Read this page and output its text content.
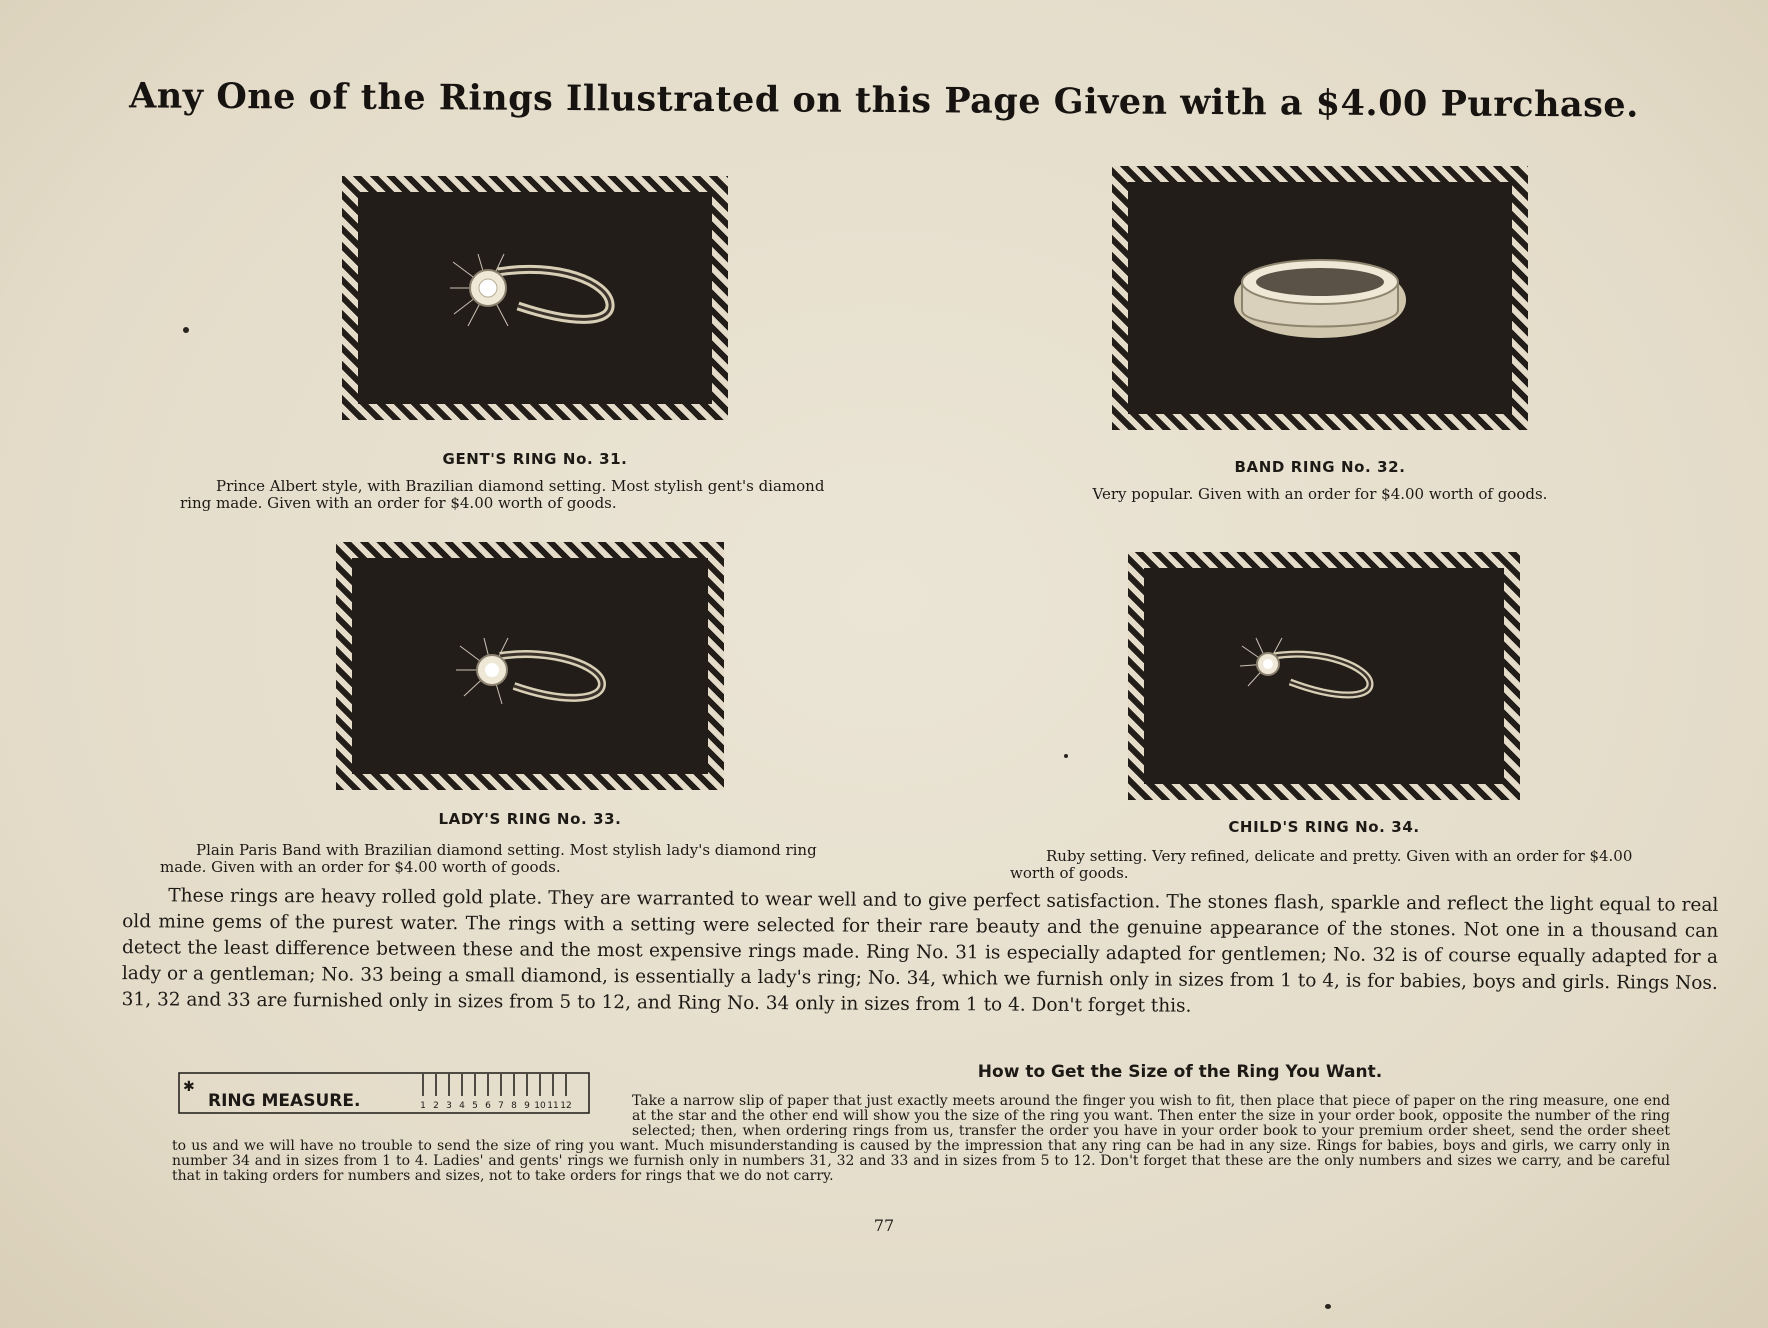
Any One of the Rings Illustrated on this Page Given with a $4.00 Purchase.
GENT'S RING No. 31.
Prince Albert style, with Brazilian diamond setting. Most stylish gent's diamond ring made. Given with an order for $4.00 worth of goods.
BAND RING No. 32.
Very popular. Given with an order for $4.00 worth of goods.
LADY'S RING No. 33.
Plain Paris Band with Brazilian diamond setting. Most stylish lady's diamond ring made. Given with an order for $4.00 worth of goods.
CHILD'S RING No. 34.
Ruby setting. Very refined, delicate and pretty. Given with an order for $4.00 worth of goods.
These rings are heavy rolled gold plate. They are warranted to wear well and to give perfect satisfaction. The stones flash, sparkle and reflect the light equal to real old mine gems of the purest water. The rings with a setting were selected for their rare beauty and the genuine appearance of the stones. Not one in a thousand can detect the least difference between these and the most expensive rings made. Ring No. 31 is especially adapted for gentlemen; No. 32 is of course equally adapted for a lady or a gentleman; No. 33 being a small diamond, is essentially a lady's ring; No. 34, which we furnish only in sizes from 1 to 4, is for babies, boys and girls. Rings Nos. 31, 32 and 33 are furnished only in sizes from 5 to 12, and Ring No. 34 only in sizes from 1 to 4. Don't forget this.
How to Get the Size of the Ring You Want.
✱
RING MEASURE.	1 2 3 4 5 6 7 8 9 10 11 12	Take a narrow slip of paper that just exactly meets around the finger you wish to fit, then place that piece of paper on the ring measure, one end at the star and the other end will show you the size of the ring you want. Then enter the size in your order book, opposite the number of the ring selected; then, when ordering rings from us, transfer the order you have in your order book to your premium order sheet, send the order sheet to us and we will have no trouble to send the size of ring you want. Much misunderstanding is caused by the impression that any ring can be had in any size. Rings for babies, boys and girls, we carry only in number 34 and in sizes from 1 to 4. Ladies' and gents' rings we furnish only in numbers 31, 32 and 33 and in sizes from 5 to 12. Don't forget that these are the only numbers and sizes we carry, and be careful that in taking orders for numbers and sizes, not to take orders for rings that we do not carry.
77
